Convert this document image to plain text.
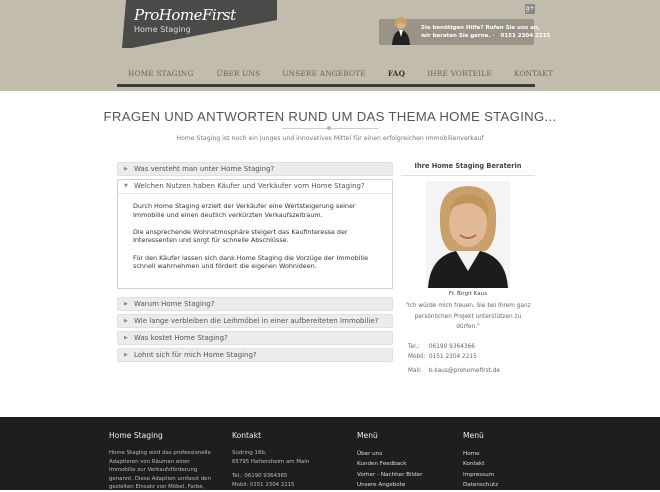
ProHomeFirst
Home Staging
g+
Sie benötigen Hilfe? Rufen Sie uns an,
wir beraten Sie gerne. · 0151 2304 2215
HOME STAGING	ÜBER UNS	UNSERE ANGEBOTE	FAQ	IHRE VORTEILE	KONTAKT
FRAGEN UND ANTWORTEN RUND UM DAS THEMA HOME STAGING...
Home Staging ist noch ein junges und innovatives Mittel für einen erfolgreichen Immobilienverkauf
▶ Was versteht man unter Home Staging?
▼ Welchen Nutzen haben Käufer und Verkäufer vom Home Staging?

Durch Home Staging erzielt der Verkäufer eine Wertsteigerung seiner Immobilie und einen deutlich verkürzten Verkaufszeitraum.

Die ansprechende Wohnatmosphäre steigert das Kaufinteresse der Interessenten und sorgt für schnelle Abschlüsse.

Für den Käufer lassen sich dank Home Staging die Vorzüge der Immobilie schnell wahrnehmen und fördert die eigenen Wohnideen.

▶ Warum Home Staging?
▶ Wie lange verbleiben die Leihmöbel in einer aufbereiteten Immobilie?
▶ Was kostet Home Staging?
▶ Lohnt sich für mich Home Staging?
Ihre Home Staging Beraterin
Fr. Birgit Kaus
"Ich würde mich freuen, Sie bei Ihrem ganz persönlichen Projekt unterstützen zu dürfen."
Tel.: 06190 9364366
Mobil: 0151 2304 2215
Mail: b.kaus@prohomefirst.de
Home Staging
Home Staging wird das professionelle Adaptieren von Räumen einer Immobilie zur Verkaufsförderung genannt. Diese Adaption umfasst den gezielten Einsatz von Möbel, Farbe,
Kontakt
Südring 16b,
65795 Hattersheim am Main
Tel.: 06190 9364365
Mobil: 0151 2304 2215
Menü
Über uns
Kunden Feedback
Vorher - Nachher Bilder
Unsere Angebote
Menü
Home
Kontakt
Impressum
Datenschutz
